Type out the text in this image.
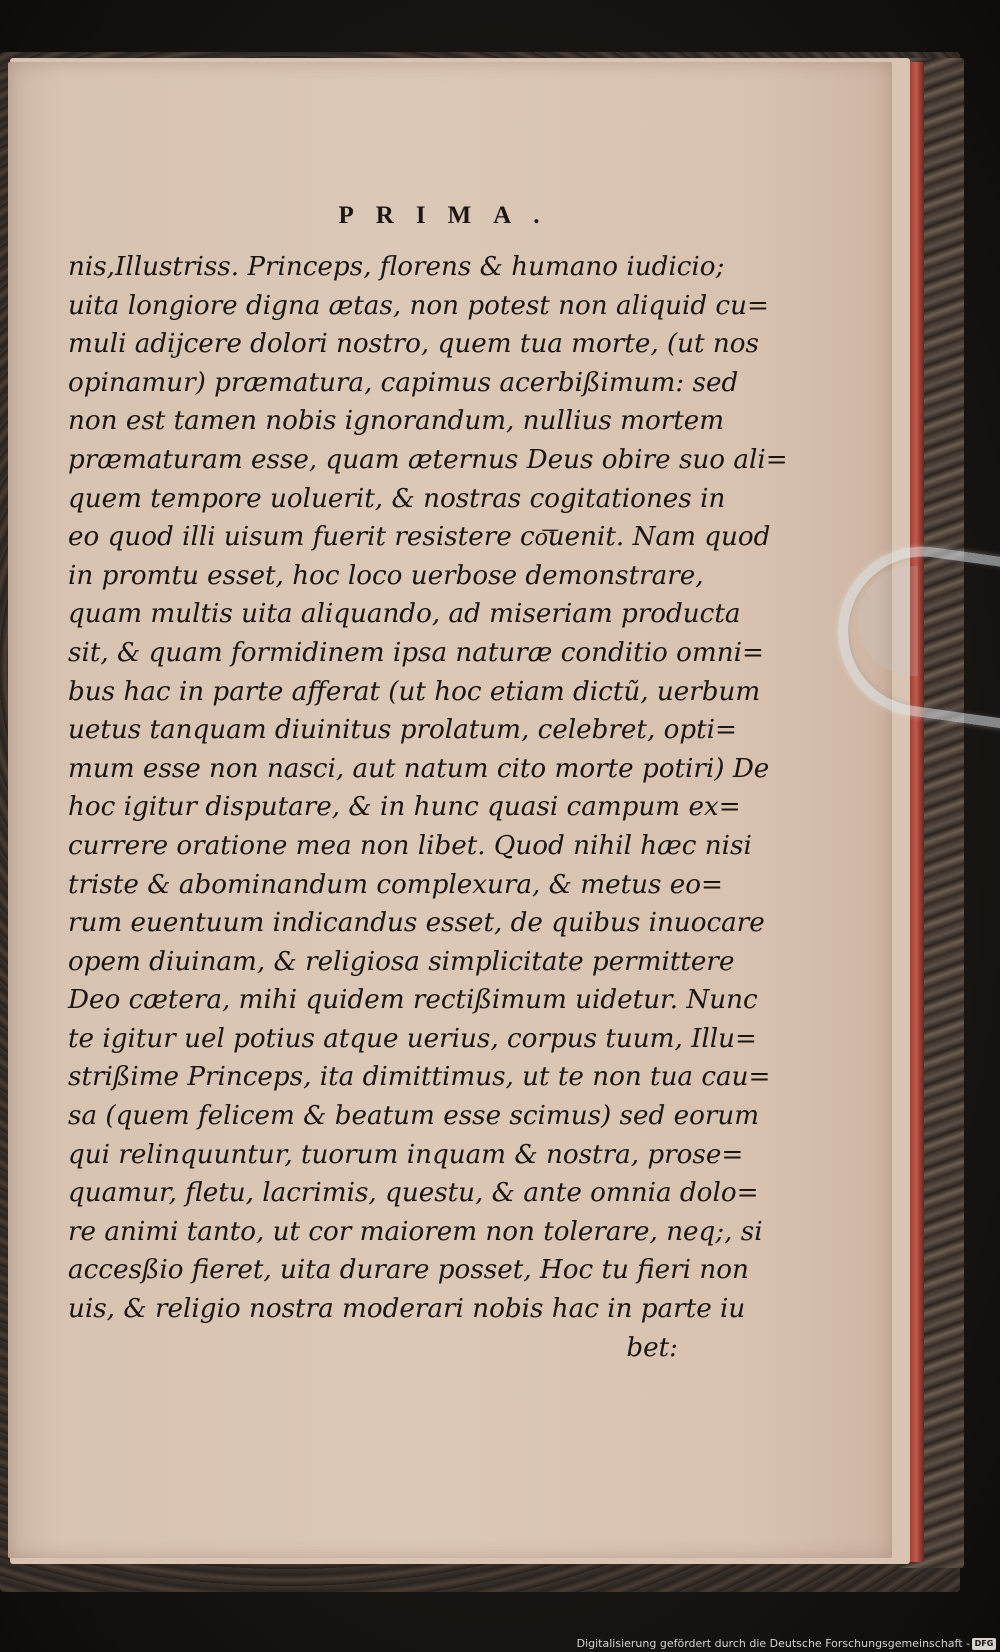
PRIMA.
nis,Illustriss. Princeps, florens & humano iudicio;
uita longiore digna ætas, non potest non aliquid cu=
muli adijcere dolori nostro, quem tua morte, (ut nos
opinamur) præmatura, capimus acerbißimum: sed
non est tamen nobis ignorandum, nullius mortem
præmaturam esse, quam æternus Deus obire suo ali=
quem tempore uoluerit, & nostras cogitationes in
eo quod illi uisum fuerit resistere co͞uenit. Nam quod
in promtu esset, hoc loco uerbose demonstrare,
quam multis uita aliquando, ad miseriam producta
sit, & quam formidinem ipsa naturæ conditio omni=
bus hac in parte afferat (ut hoc etiam dictũ, uerbum
uetus tanquam diuinitus prolatum, celebret, opti=
mum esse non nasci, aut natum cito morte potiri) De
hoc igitur disputare, & in hunc quasi campum ex=
currere oratione mea non libet. Quod nihil hæc nisi
triste & abominandum complexura, & metus eo=
rum euentuum indicandus esset, de quibus inuocare
opem diuinam, & religiosa simplicitate permittere
Deo cætera, mihi quidem rectißimum uidetur. Nunc
te igitur uel potius atque uerius, corpus tuum, Illu=
strißime Princeps, ita dimittimus, ut te non tua cau=
sa (quem felicem & beatum esse scimus) sed eorum
qui relinquuntur, tuorum inquam & nostra, prose=
quamur, fletu, lacrimis, questu, & ante omnia dolo=
re animi tanto, ut cor maiorem non tolerare, neq;, si
accesßio fieret, uita durare posset, Hoc tu fieri non
uis, & religio nostra moderari nobis hac in parte iu
bet:
Digitalisierung gefördert durch die Deutsche Forschungsgemeinschaft - DFG
